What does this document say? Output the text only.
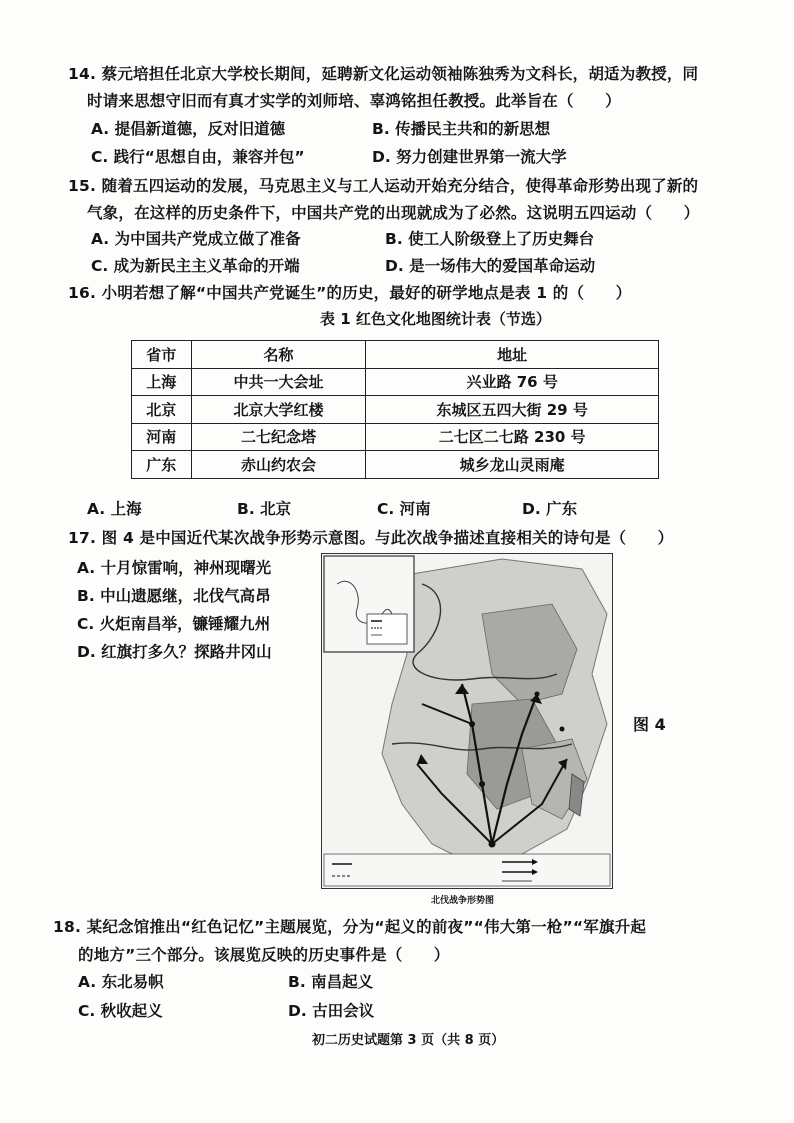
14. 蔡元培担任北京大学校长期间，延聘新文化运动领袖陈独秀为文科长，胡适为教授，同
时请来思想守旧而有真才实学的刘师培、辜鸿铭担任教授。此举旨在（　　）
A. 提倡新道德，反对旧道德	B. 传播民主共和的新思想
C. 践行“思想自由，兼容并包”	D. 努力创建世界第一流大学
15. 随着五四运动的发展，马克思主义与工人运动开始充分结合，使得革命形势出现了新的
气象，在这样的历史条件下，中国共产党的出现就成为了必然。这说明五四运动（　　）
A. 为中国共产党成立做了准备	B. 使工人阶级登上了历史舞台
C. 成为新民主主义革命的开端	D. 是一场伟大的爱国革命运动
16. 小明若想了解“中国共产党诞生”的历史，最好的研学地点是表 1 的（　　）
表 1 红色文化地图统计表（节选）
省市	名称	地址
上海	中共一大会址	兴业路 76 号
北京	北京大学红楼	东城区五四大街 29 号
河南	二七纪念塔	二七区二七路 230 号
广东	赤山约农会	城乡龙山灵雨庵
A. 上海	B. 北京	C. 河南	D. 广东
17. 图 4 是中国近代某次战争形势示意图。与此次战争描述直接相关的诗句是（　　）
A. 十月惊雷响，神州现曙光
B. 中山遗愿继，北伐气高昂
C. 火炬南昌举，镰锤耀九州
D. 红旗打多久？探路井冈山
北伐战争形势图
图 4
18. 某纪念馆推出“红色记忆”主题展览，分为“起义的前夜”“伟大第一枪”“军旗升起
的地方”三个部分。该展览反映的历史事件是（　　）
A. 东北易帜	B. 南昌起义
C. 秋收起义	D. 古田会议
初二历史试题第 3 页（共 8 页）
